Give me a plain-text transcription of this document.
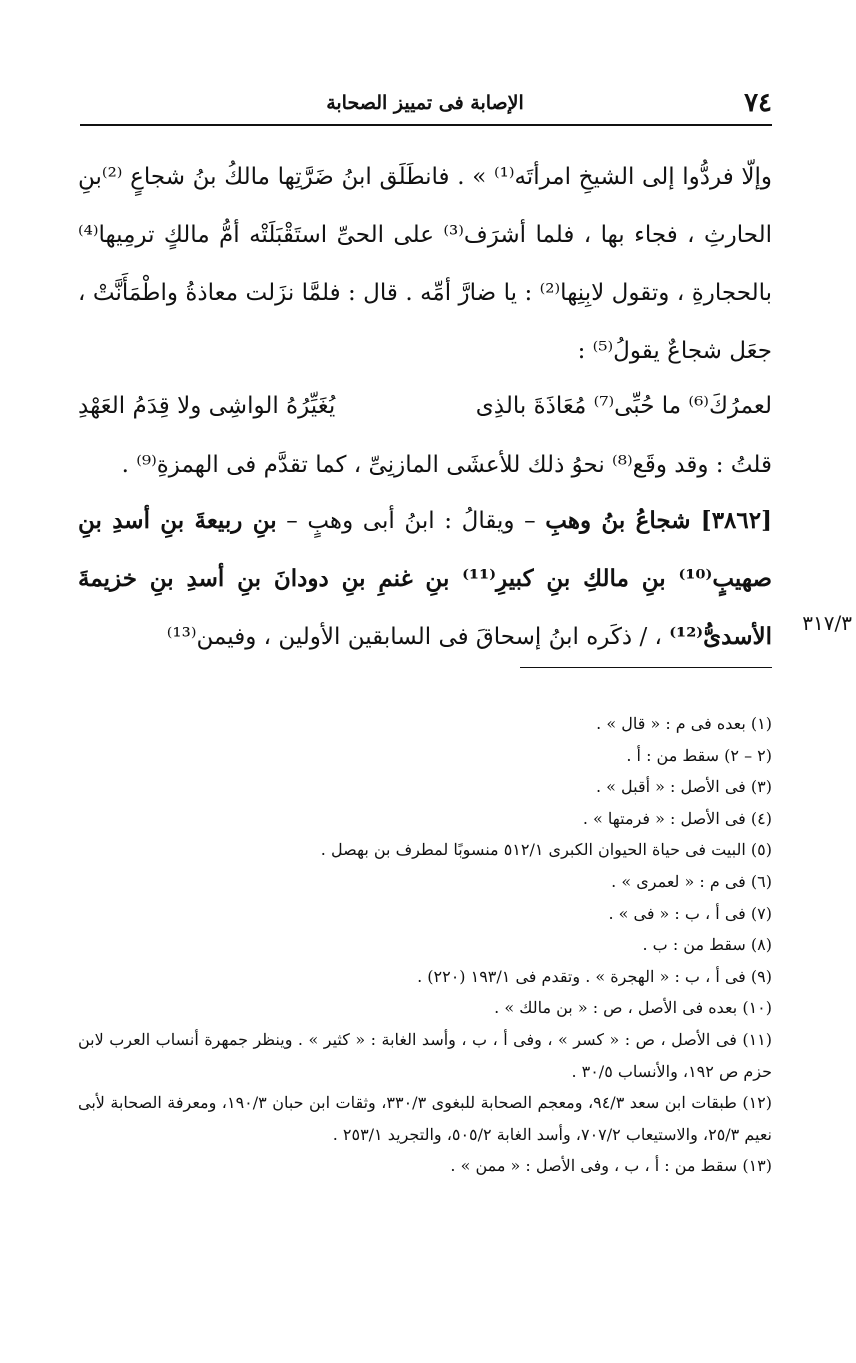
٧٤
الإصابة فى تمييز الصحابة

وإلّا فردُّوا إلى الشيخِ امرأتَه⁽¹⁾ » . فانطَلَق ابنُ ضَرَّتِها مالكُ بنُ شجاعٍ ⁽²⁾بنِ الحارثِ ، فجاء بها ، فلما أشرَف⁽³⁾ على الحىِّ استَقْبَلَتْه أمُّ مالكٍ ترمِيها⁽⁴⁾ بالحجارةِ ، وتقول لابِنِها⁽²⁾ : يا ضارَّ أمِّه . قال : فلمَّا نزَلت معاذةُ واطْمَأَنَّتْ ، جعَل شجاعٌ يقولُ⁽⁵⁾ :

لعمرُكَ⁽⁶⁾ ما حُبِّى⁽⁷⁾ مُعَاذَةَ بالذِى
يُغَيِّرُهُ الواشِى ولا قِدَمُ العَهْدِ
قلتُ : وقد وقَع⁽⁸⁾ نحوُ ذلك للأعشَى المازنِىِّ ، كما تقدَّم فى الهمزةِ⁽⁹⁾ .
[٣٨٦٢] شجاعُ بنُ وهبِ – ويقالُ : ابنُ أبى وهبٍ – بنِ ربيعةَ بنِ أسدِ بنِ صهيبٍ⁽¹⁰⁾ بنِ مالكِ بنِ كبيرِ⁽¹¹⁾ بنِ غنمِ بنِ دودانَ بنِ أسدِ بنِ خزيمةَ الأسدىُّ⁽¹²⁾ ، / ذكَره ابنُ إسحاقَ فى السابقين الأولين ، وفيمن⁽¹³⁾
٣١٧/٣
(١) بعده فى م : « قال » .
(٢ – ٢) سقط من : أ .
(٣) فى الأصل : « أقبل » .
(٤) فى الأصل : « فرمتها » .
(٥) البيت فى حياة الحيوان الكبرى ٥١٢/١ منسوبًا لمطرف بن بهصل .
(٦) فى م : « لعمرى » .
(٧) فى أ ، ب : « فى » .
(٨) سقط من : ب .
(٩) فى أ ، ب : « الهجرة » . وتقدم فى ١٩٣/١ (٢٢٠) .
(١٠) بعده فى الأصل ، ص : « بن مالك » .
(١١) فى الأصل ، ص : « كسر » ، وفى أ ، ب ، وأسد الغابة : « كثير » . وينظر جمهرة أنساب العرب لابن حزم ص ١٩٢، والأنساب ٣٠/٥ .
(١٢) طبقات ابن سعد ٩٤/٣، ومعجم الصحابة للبغوى ٣٣٠/٣، وثقات ابن حبان ١٩٠/٣، ومعرفة الصحابة لأبى نعيم ٢٥/٣، والاستيعاب ٧٠٧/٢، وأسد الغابة ٥٠٥/٢، والتجريد ٢٥٣/١ .
(١٣) سقط من : أ ، ب ، وفى الأصل : « ممن » .
